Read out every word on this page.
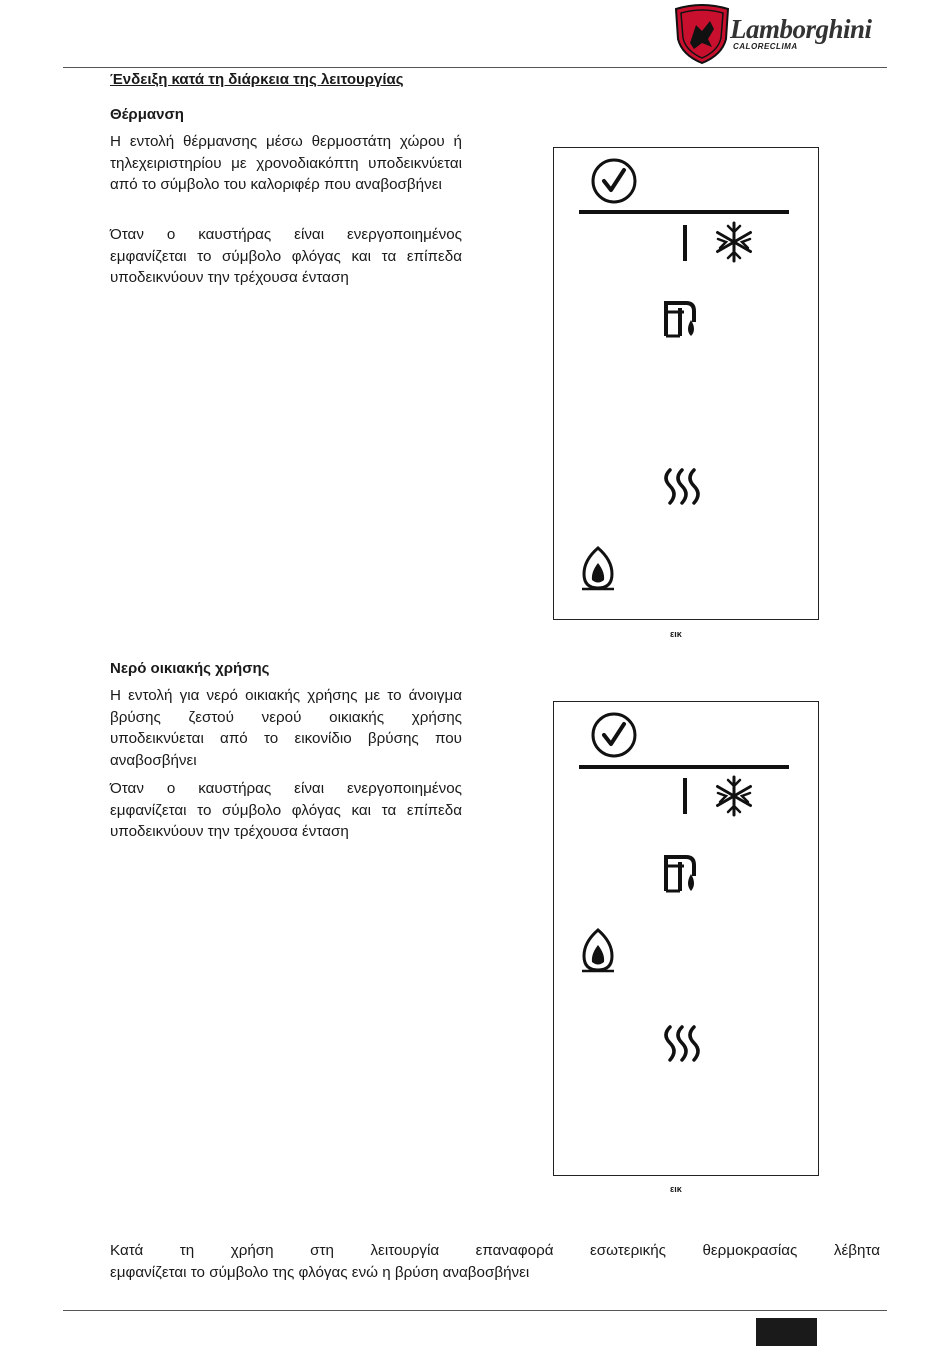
Lamborghini
CALORECLIMA
Ένδειξη κατά τη διάρκεια της λειτουργίας
Θέρμανση

Η εντολή θέρμανσης μέσω θερμοστάτη χώρου ή τηλεχειριστηρίου με χρονοδιακόπτη υποδεικνύεται από το σύμβολο του καλοριφέρ που αναβοσβήνει

Όταν ο καυστήρας είναι ενεργοποιημένος εμφανίζεται το σύμβολο φλόγας και τα επίπεδα υποδεικνύουν την τρέχουσα ένταση

εικ
Νερό οικιακής χρήσης

Η εντολή για νερό οικιακής χρήσης με το άνοιγμα βρύσης ζεστού νερού οικιακής χρήσης υποδεικνύεται από το εικονίδιο βρύσης που αναβοσβήνει

Όταν ο καυστήρας είναι ενεργοποιημένος εμφανίζεται το σύμβολο φλόγας και τα επίπεδα υποδεικνύουν την τρέχουσα ένταση

εικ

Κατά τη χρήση στη λειτουργία επαναφορά εσωτερικής θερμοκρασίας λέβητα
εμφανίζεται το σύμβολο της φλόγας ενώ η βρύση αναβοσβήνει
